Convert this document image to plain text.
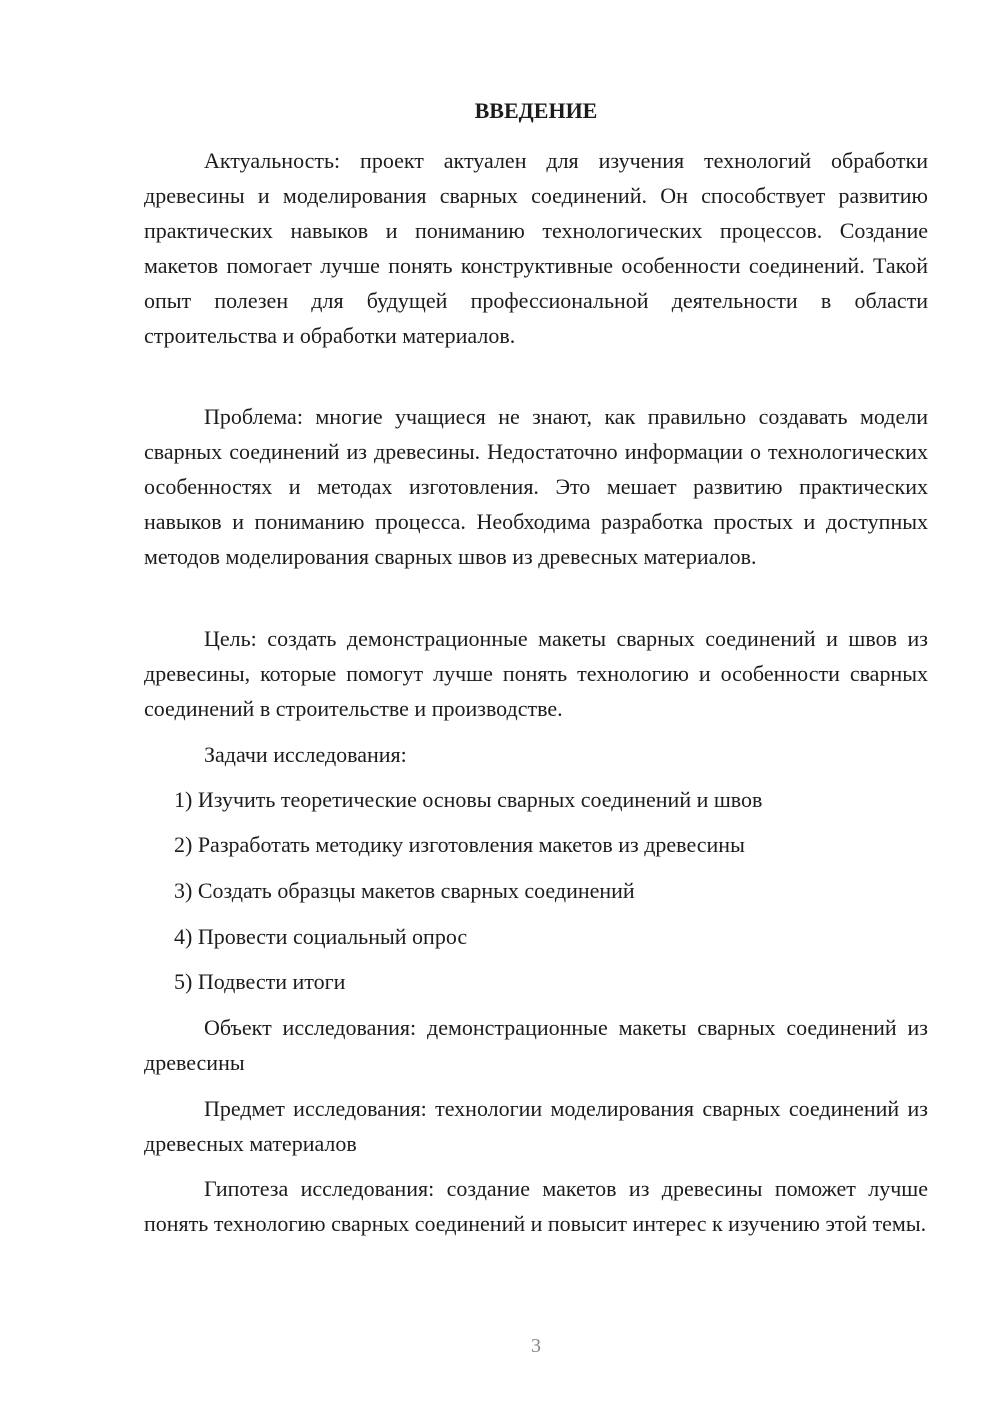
ВВЕДЕНИЕ

Актуальность: проект актуален для изучения технологий обработки древесины и моделирования сварных соединений. Он способствует развитию практических навыков и пониманию технологических процессов. Создание макетов помогает лучше понять конструктивные особенности соединений. Такой опыт полезен для будущей профессиональной деятельности в области строительства и обработки материалов.

Проблема: многие учащиеся не знают, как правильно создавать модели сварных соединений из древесины. Недостаточно информации о технологических особенностях и методах изготовления. Это мешает развитию практических навыков и пониманию процесса. Необходима разработка простых и доступных методов моделирования сварных швов из древесных материалов.

Цель: создать демонстрационные макеты сварных соединений и швов из древесины, которые помогут лучше понять технологию и особенности сварных соединений в строительстве и производстве.

Задачи исследования:

1) Изучить теоретические основы сварных соединений и швов

2) Разработать методику изготовления макетов из древесины

3) Создать образцы макетов сварных соединений

4) Провести социальный опрос

5) Подвести итоги

Объект исследования: демонстрационные макеты сварных соединений из древесины

Предмет исследования: технологии моделирования сварных соединений из древесных материалов

Гипотеза исследования: создание макетов из древесины поможет лучше понять технологию сварных соединений и повысит интерес к изучению этой темы.

3
